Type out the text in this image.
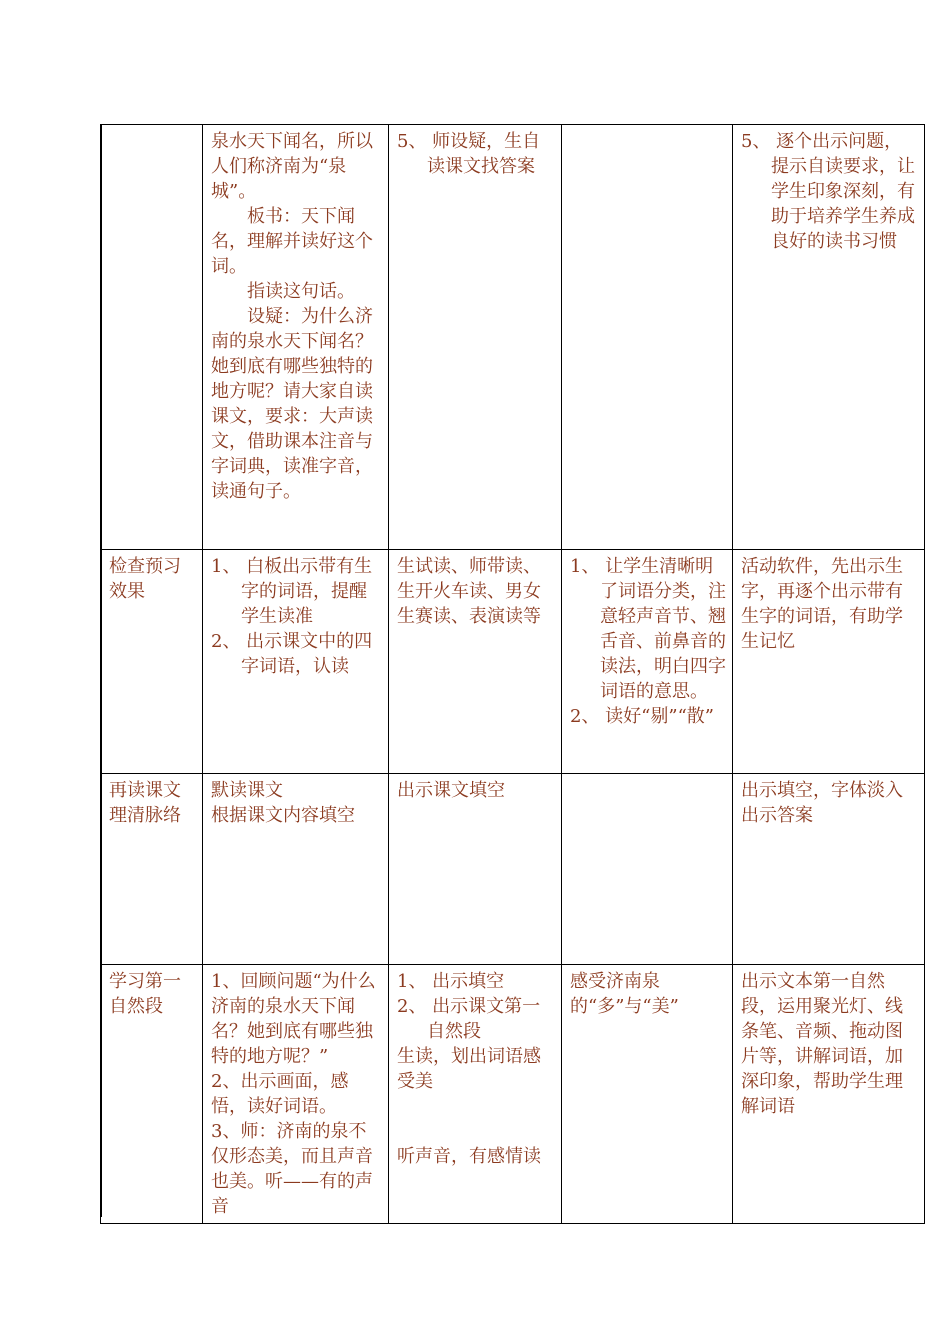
	泉水天下闻名，所以人们称济南为“泉城”。
板书：天下闻名，理解并读好这个词。
指读这句话。
设疑：为什么济南的泉水天下闻名？她到底有哪些独特的地方呢？请大家自读课文，要求：大声读文，借助课本注音与字词典，读准字音，读通句子。	5、 师设疑，生自读课文找答案		5、 逐个出示问题，提示自读要求，让学生印象深刻，有助于培养学生养成良好的读书习惯

检查预习效果	1、 白板出示带有生字的词语，提醒学生读准
2、 出示课文中的四字词语，认读	生试读、师带读、生开火车读、男女生赛读、表演读等	1、 让学生清晰明了词语分类，注意轻声音节、翘舌音、前鼻音的读法，明白四字词语的意思。
2、 读好“剔”“散”	活动软件，先出示生字，再逐个出示带有生字的词语，有助学生记忆

再读课文理清脉络	默读课文
根据课文内容填空	出示课文填空		出示填空，字体淡入出示答案

学习第一自然段	1、回顾问题“为什么济南的泉水天下闻名？她到底有哪些独特的地方呢？”
2、出示画面，感悟，读好词语。
3、师：济南的泉不仅形态美，而且声音也美。听——有的声音	1、 出示填空
2、 出示课文第一自然段
生读，划出词语感受美
听声音，有感情读	感受济南泉的“多”与“美”	出示文本第一自然段，运用聚光灯、线条笔、音频、拖动图片等，讲解词语，加深印象，帮助学生理解词语
